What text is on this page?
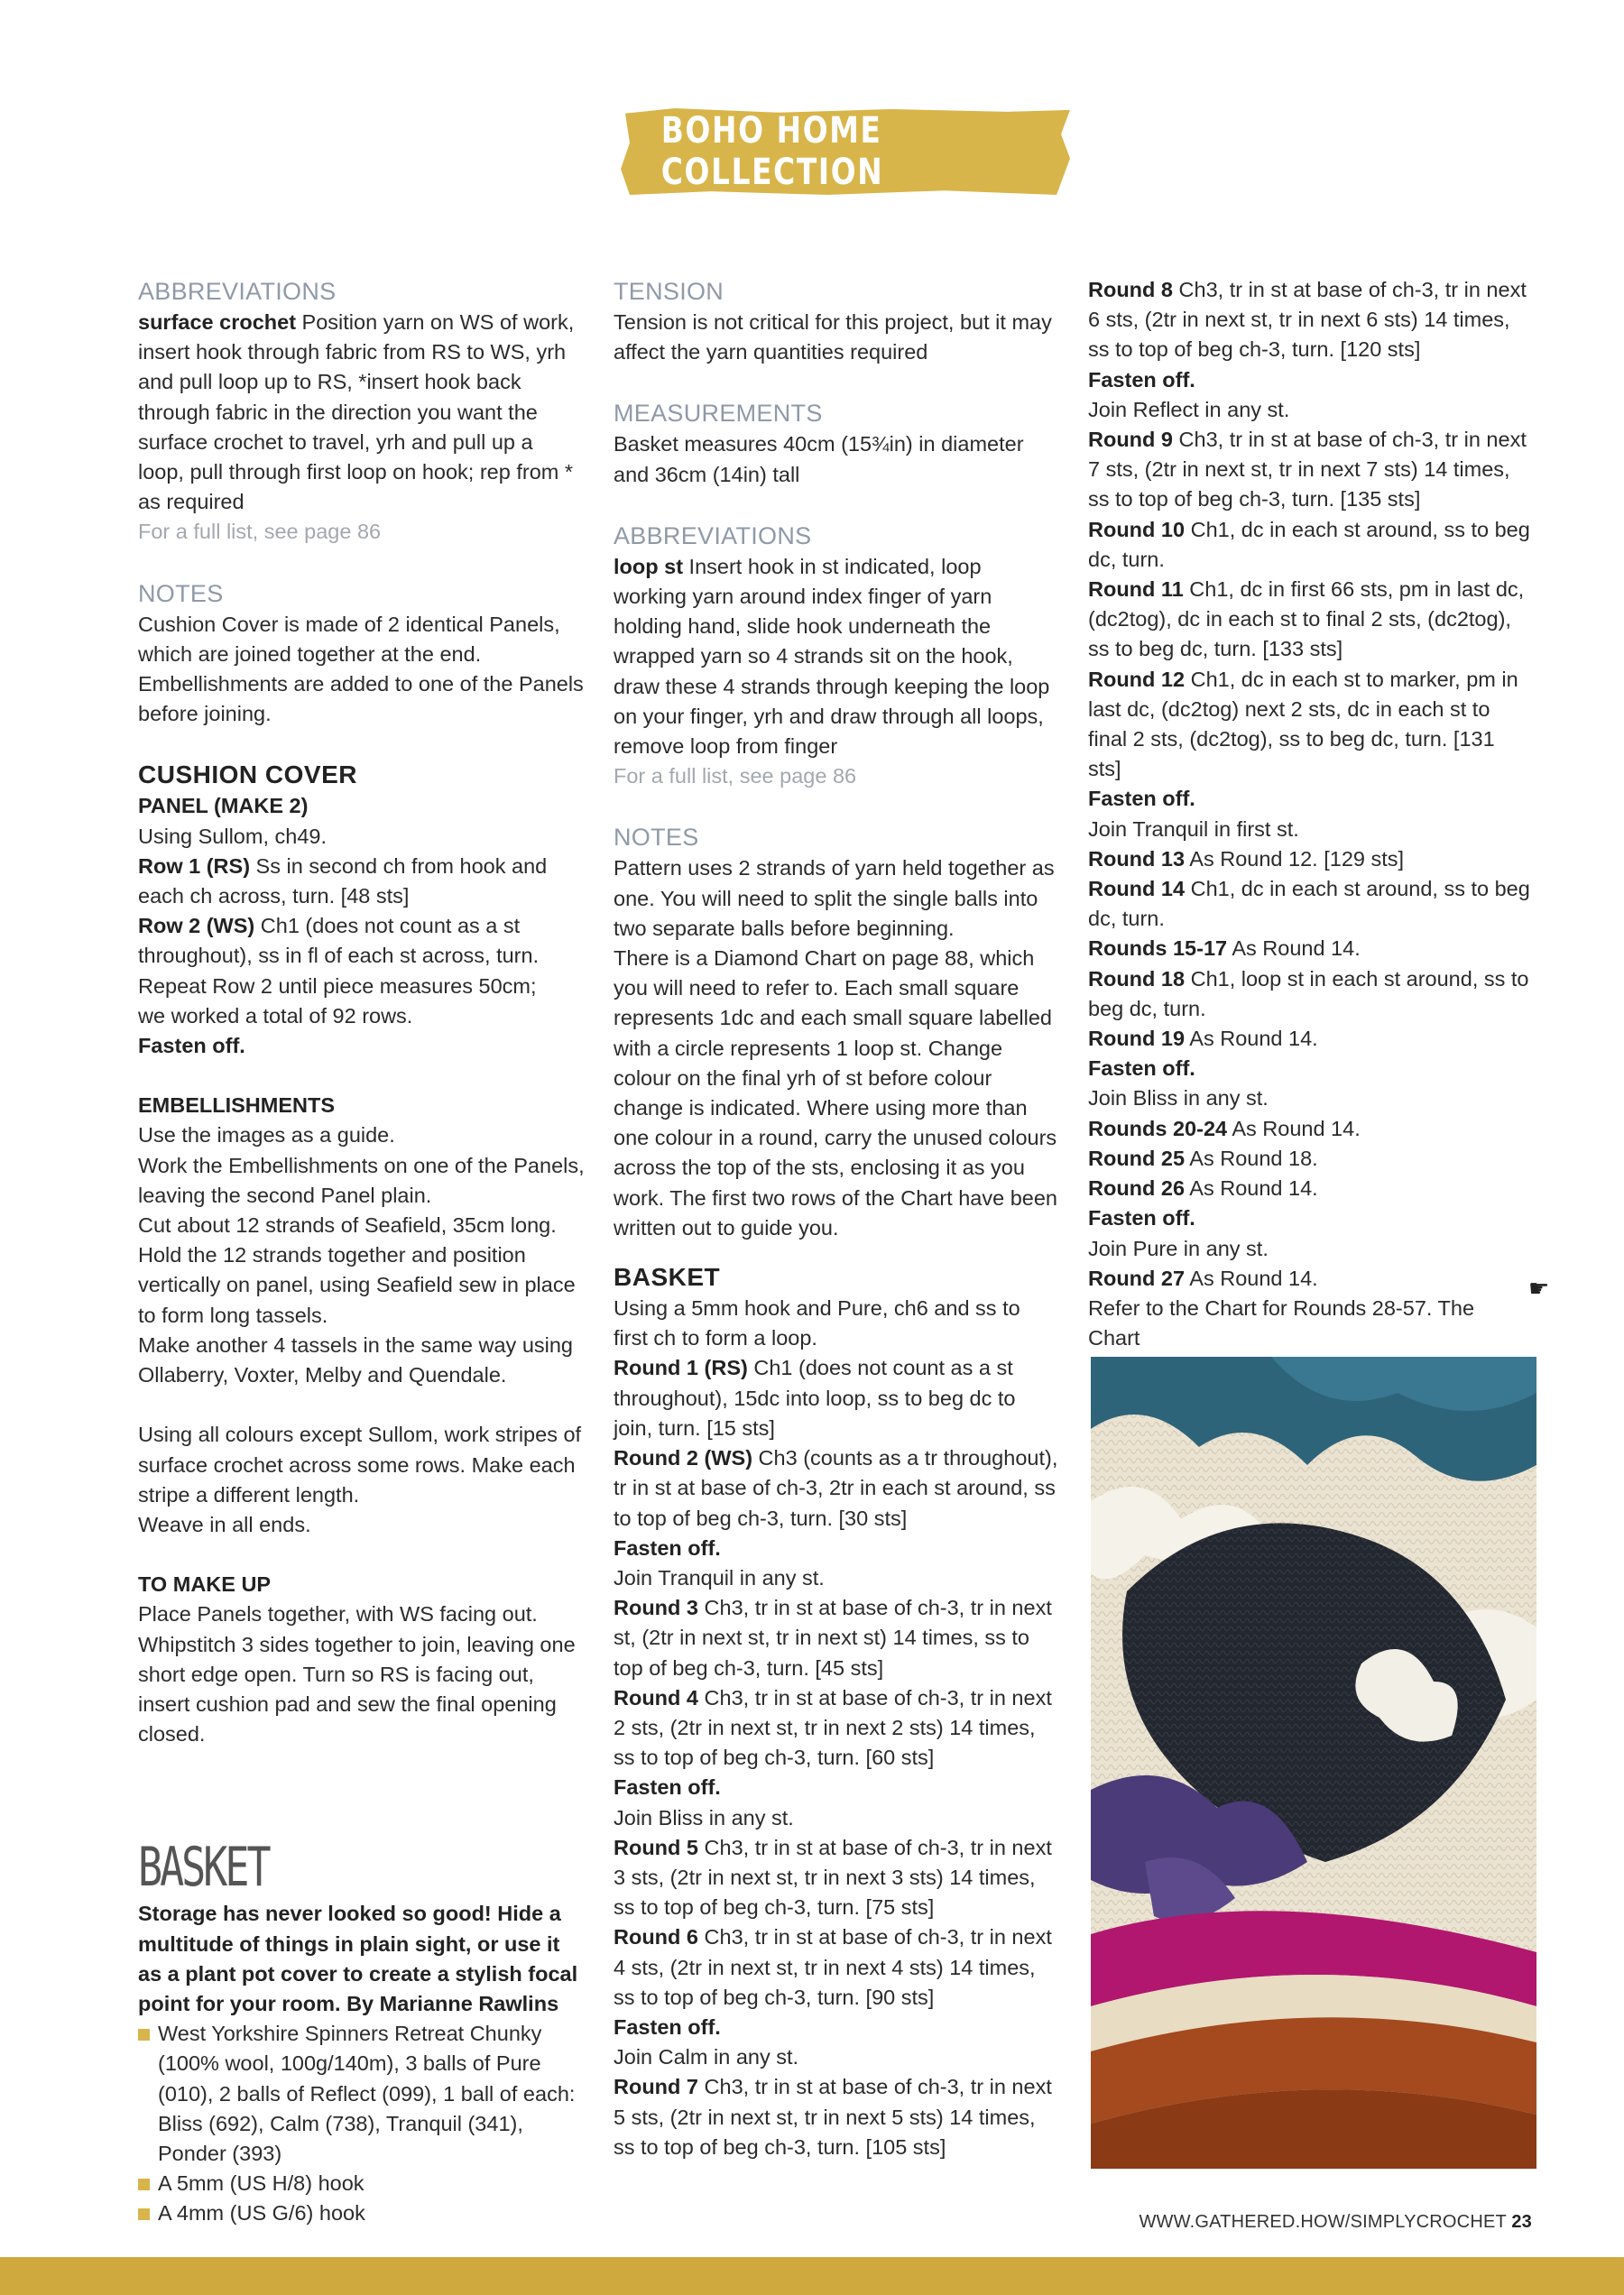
BOHO HOME COLLECTION

ABBREVIATIONS

surface crochet Position yarn on WS of work, insert hook through fabric from RS to WS, yrh and pull loop up to RS, *insert hook back through fabric in the direction you want the surface crochet to travel, yrh and pull up a loop, pull through first loop on hook; rep from * as required

For a full list, see page 86

NOTES

Cushion Cover is made of 2 identical Panels, which are joined together at the end. Embellishments are added to one of the Panels before joining.

CUSHION COVER

PANEL (MAKE 2)

Using Sullom, ch49.

Row 1 (RS) Ss in second ch from hook and each ch across, turn. [48 sts]

Row 2 (WS) Ch1 (does not count as a st throughout), ss in fl of each st across, turn.

Repeat Row 2 until piece measures 50cm;

we worked a total of 92 rows.

Fasten off.

EMBELLISHMENTS

Use the images as a guide.

Work the Embellishments on one of the Panels, leaving the second Panel plain.

Cut about 12 strands of Seafield, 35cm long.

Hold the 12 strands together and position vertically on panel, using Seafield sew in place to form long tassels.

Make another 4 tassels in the same way using Ollaberry, Voxter, Melby and Quendale.

Using all colours except Sullom, work stripes of surface crochet across some rows. Make each stripe a different length.

Weave in all ends.

TO MAKE UP

Place Panels together, with WS facing out. Whipstitch 3 sides together to join, leaving one short edge open. Turn so RS is facing out, insert cushion pad and sew the final opening closed.

BASKET

Storage has never looked so good! Hide a multitude of things in plain sight, or use it as a plant pot cover to create a stylish focal point for your room. By Marianne Rawlins

West Yorkshire Spinners Retreat Chunky (100% wool, 100g/140m), 3 balls of Pure (010), 2 balls of Reflect (099), 1 ball of each: Bliss (692), Calm (738), Tranquil (341), Ponder (393)

A 5mm (US H/8) hook

A 4mm (US G/6) hook

TENSION

Tension is not critical for this project, but it may affect the yarn quantities required

MEASUREMENTS

Basket measures 40cm (15¾in) in diameter and 36cm (14in) tall

ABBREVIATIONS

loop st Insert hook in st indicated, loop working yarn around index finger of yarn holding hand, slide hook underneath the wrapped yarn so 4 strands sit on the hook, draw these 4 strands through keeping the loop on your finger, yrh and draw through all loops, remove loop from finger

For a full list, see page 86

NOTES

Pattern uses 2 strands of yarn held together as one. You will need to split the single balls into two separate balls before beginning.

There is a Diamond Chart on page 88, which you will need to refer to. Each small square represents 1dc and each small square labelled with a circle represents 1 loop st. Change colour on the final yrh of st before colour change is indicated. Where using more than one colour in a round, carry the unused colours across the top of the sts, enclosing it as you work. The first two rows of the Chart have been written out to guide you.

BASKET

Using a 5mm hook and Pure, ch6 and ss to first ch to form a loop.

Round 1 (RS) Ch1 (does not count as a st throughout), 15dc into loop, ss to beg dc to join, turn. [15 sts]

Round 2 (WS) Ch3 (counts as a tr throughout), tr in st at base of ch-3, 2tr in each st around, ss to top of beg ch-3, turn. [30 sts]

Fasten off.

Join Tranquil in any st.

Round 3 Ch3, tr in st at base of ch-3, tr in next st, (2tr in next st, tr in next st) 14 times, ss to top of beg ch-3, turn. [45 sts]

Round 4 Ch3, tr in st at base of ch-3, tr in next 2 sts, (2tr in next st, tr in next 2 sts) 14 times, ss to top of beg ch-3, turn. [60 sts]

Fasten off.

Join Bliss in any st.

Round 5 Ch3, tr in st at base of ch-3, tr in next 3 sts, (2tr in next st, tr in next 3 sts) 14 times, ss to top of beg ch-3, turn. [75 sts]

Round 6 Ch3, tr in st at base of ch-3, tr in next 4 sts, (2tr in next st, tr in next 4 sts) 14 times, ss to top of beg ch-3, turn. [90 sts]

Fasten off.

Join Calm in any st.

Round 7 Ch3, tr in st at base of ch-3, tr in next 5 sts, (2tr in next st, tr in next 5 sts) 14 times, ss to top of beg ch-3, turn. [105 sts]

Round 8 Ch3, tr in st at base of ch-3, tr in next 6 sts, (2tr in next st, tr in next 6 sts) 14 times, ss to top of beg ch-3, turn. [120 sts]

Fasten off.

Join Reflect in any st.

Round 9 Ch3, tr in st at base of ch-3, tr in next 7 sts, (2tr in next st, tr in next 7 sts) 14 times, ss to top of beg ch-3, turn. [135 sts]

Round 10 Ch1, dc in each st around, ss to beg dc, turn.

Round 11 Ch1, dc in first 66 sts, pm in last dc, (dc2tog), dc in each st to final 2 sts, (dc2tog), ss to beg dc, turn. [133 sts]

Round 12 Ch1, dc in each st to marker, pm in last dc, (dc2tog) next 2 sts, dc in each st to final 2 sts, (dc2tog), ss to beg dc, turn. [131 sts]

Fasten off.

Join Tranquil in first st.

Round 13 As Round 12. [129 sts]

Round 14 Ch1, dc in each st around, ss to beg dc, turn.

Rounds 15-17 As Round 14.

Round 18 Ch1, loop st in each st around, ss to beg dc, turn.

Round 19 As Round 14.

Fasten off.

Join Bliss in any st.

Rounds 20-24 As Round 14.

Round 25 As Round 18.

Round 26 As Round 14.

Fasten off.

Join Pure in any st.

Round 27 As Round 14.

Refer to the Chart for Rounds 28-57. The Chart

☛
WWW.GATHERED.HOW/SIMPLYCROCHET 23
